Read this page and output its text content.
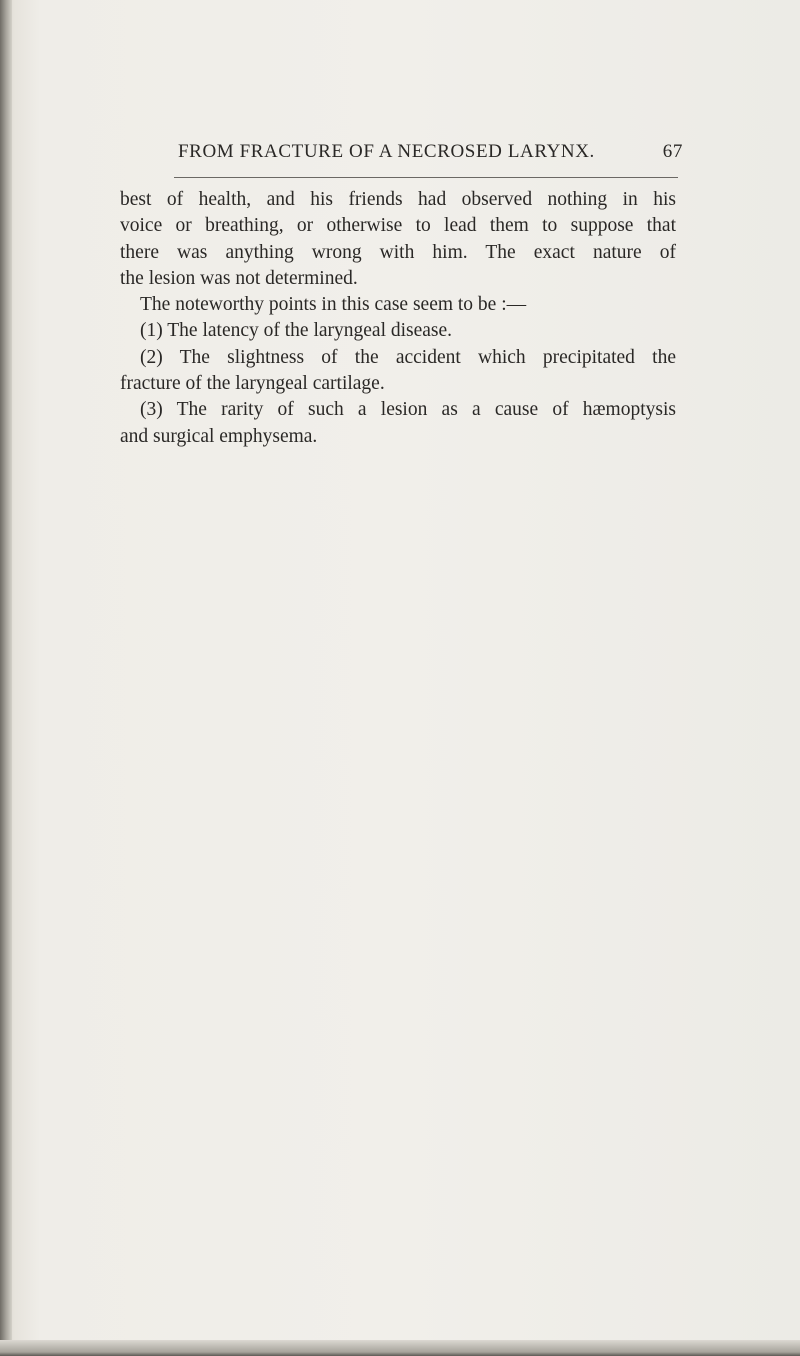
FROM FRACTURE OF A NECROSED LARYNX.	67
best of health, and his friends had observed nothing in his
voice or breathing, or otherwise to lead them to suppose that
there was anything wrong with him. The exact nature of
the lesion was not determined.
The noteworthy points in this case seem to be :—
(1) The latency of the laryngeal disease.
(2) The slightness of the accident which precipitated the
fracture of the laryngeal cartilage.
(3) The rarity of such a lesion as a cause of hæmoptysis
and surgical emphysema.
